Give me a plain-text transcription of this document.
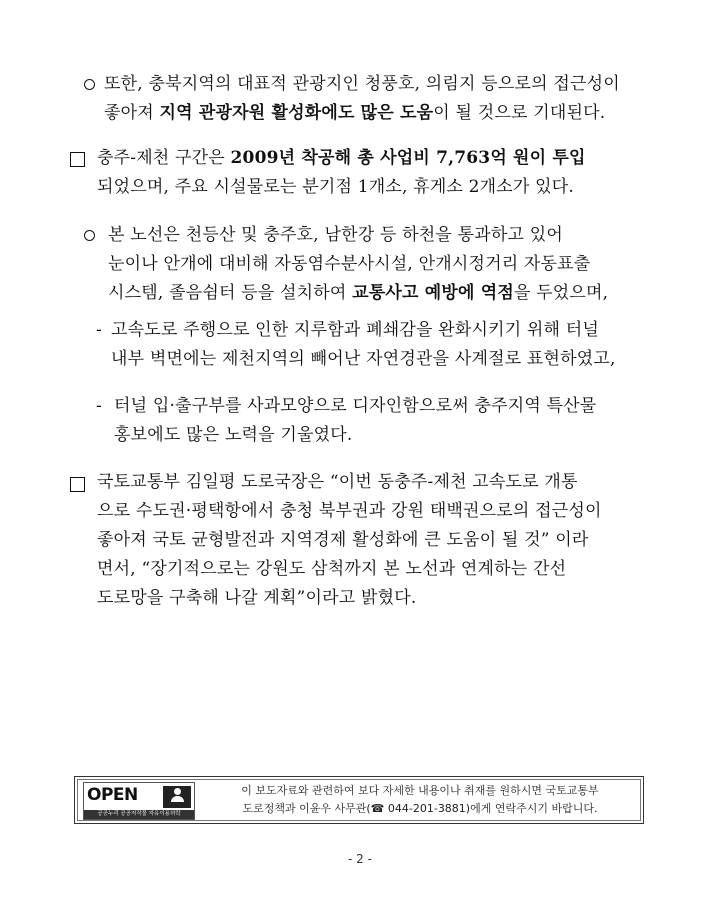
또한, 충북지역의 대표적 관광지인 청풍호, 의림지 등으로의 접근성이
좋아져 지역 관광자원 활성화에도 많은 도움이 될 것으로 기대된다.
충주-제천 구간은 2009년 착공해 총 사업비 7,763억 원이 투입
되었으며, 주요 시설물로는 분기점 1개소, 휴게소 2개소가 있다.
본 노선은 천등산 및 충주호, 남한강 등 하천을 통과하고 있어
눈이나 안개에 대비해 자동염수분사시설, 안개시정거리 자동표출
시스템, 졸음쉼터 등을 설치하여 교통사고 예방에 역점을 두었으며,
- 고속도로 주행으로 인한 지루함과 폐쇄감을 완화시키기 위해 터널
내부 벽면에는 제천지역의 빼어난 자연경관을 사계절로 표현하였고,
- 터널 입·출구부를 사과모양으로 디자인함으로써 충주지역 특산물
홍보에도 많은 노력을 기울였다.
국토교통부 김일평 도로국장은 “이번 동충주-제천 고속도로 개통
으로 수도권·평택항에서 충청 북부권과 강원 태백권으로의 접근성이
좋아져 국토 균형발전과 지역경제 활성화에 큰 도움이 될 것” 이라
면서, “장기적으로는 강원도 삼척까지 본 노선과 연계하는 간선
도로망을 구축해 나갈 계획”이라고 밝혔다.
OPEN
공공누리 공공저작물 자유이용허락
이 보도자료와 관련하여 보다 자세한 내용이나 취재를 원하시면 국토교통부
도로정책과 이윤우 사무관(☎ 044-201-3881)에게 연락주시기 바랍니다.
- 2 -
